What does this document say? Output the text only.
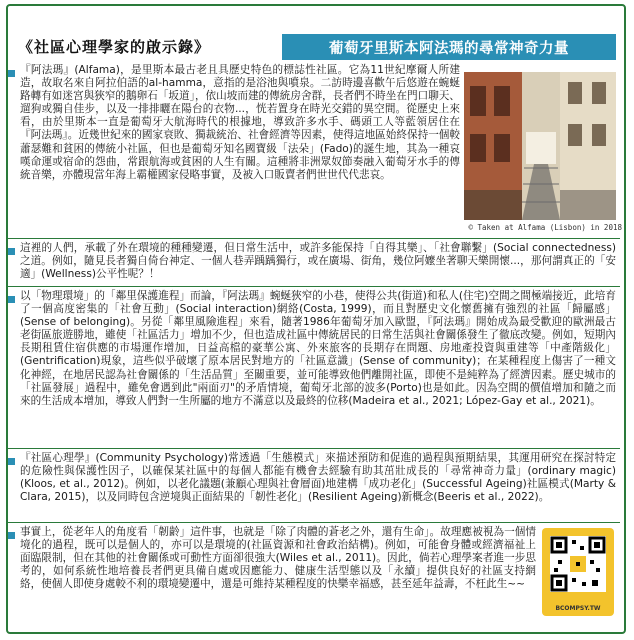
《社區心理學家的啟示錄》	葡萄牙里斯本阿法瑪的尋常神奇力量
© Taken at Alfama (Lisbon) in 2018
『阿法瑪』(Alfama)，是里斯本最古老且具歷史特色的標誌性社區。它為11世紀摩爾人所建造，故取名來自阿拉伯語的al-hamma，意指的是浴池與噴泉。二訪時邊喜歡午后悠遊在蜿蜒路轉有如迷宮與狹窄的鵝卵石「坂道」，依山坡而建的傳統房舍群，長者們不時坐在門口聊天、遛狗或獨自佳步，以及一排排曬在陽台的衣物...，恍若置身在時光交錯的異空間。從歷史上來看，由於里斯本一直是葡萄牙大航海時代的根據地，導致許多水手、碼頭工人等藍領居住在『阿法瑪』。近幾世紀來的國家衰敗、獨裁統治、社會經濟等因素，使得這地區始終保持一個較蕭瑟難和貧困的傳統小社區，但也是葡萄牙知名國寶級「法朵」(Fado)的誕生地，其為一種哀嘆命運或宿命的怨曲，常跟航海或貧困的人生有關。這種將非洲眾奴節奏融入葡萄牙水手的傳統音樂，亦體現當年海上霸權國家侵略事實，及被入口販賣者們世世代代悲哀。
這裡的人們，承載了外在環境的種種變遷，但日常生活中，或許多能保持「自得其樂」、「社會聯繫」(Social connectedness)之道。例如，隨見長者獨自倚台神定、一個人巷弄踽踽獨行，或在廣場、街角，幾位阿嬤坐著聊天樂開懷...，那何謂真正的「安適」(Wellness)公平性呢？！
以「物理環境」的「鄰里保護進程」而論，『阿法瑪』蜿蜒狹窄的小巷，使得公共(街道)和私人(住宅)空間之間極端接近，此培育了一個高度密集的「社會互動」(Social interaction)網絡(Costa, 1999)，而且對歷史文化懷舊擁有強烈的社區「歸屬感」(Sense of belonging)。另從「鄰里風險進程」來看，隨著1986年葡萄牙加入歐盟，『阿法瑪』開始成為最受歡迎的歐洲最古老街區旅遊勝地，雖使「社區活力」增加不少，但也造成社區中傳統居民的日常生活與社會關係發生了徹底改變。例如，短期內長期租賃住宿供應的市場運作增加，日益高檔的豪華公寓、外來旅客的長期存在問題、房地產投資與重建等「中產階級化」(Gentrification)現象，這些似乎破壞了原本居民對地方的「社區意識」(Sense of community)；在某種程度上傷害了一種文化神經，在地居民認為社會關係的「生活品質」至關重要，並可能導致他們離開社區，即使不是純粹為了經濟因素。歷史城市的「社區發展」過程中，雖免會遇到此"兩面刃"的矛盾情境，葡萄牙北部的波多(Porto)也是如此。因為空間的價值增加和隨之而來的生活成本增加，導致人們對一生所屬的地方不滿意以及最終的位移(Madeira et al., 2021; López-Gay et al., 2021)。
『社區心理學』(Community Psychology)常透過「生態模式」來描述預防和促進的過程與預期結果，其運用研究在探討特定的危險性與保護性因子，以確保某社區中的每個人都能有機會去經驗有助其茁壯成長的「尋常神奇力量」(ordinary magic)(Kloos, et al., 2012)。例如，以老化議題(兼顧心理與社會層面)地建構「成功老化」(Successful Ageing)社區模式(Marty & Clara, 2015)，以及同時包含逆境與正面結果的「韌性老化」(Resilient Ageing)新概念(Beeris et al., 2022)。
事實上，從老年人的角度看「韌齡」這件事，也就是「除了肉體的蒼老之外，還有生命」。故理應被視為一個情境化的過程，既可以是個人的，亦可以是環境的(社區資源和社會政治結構)。例如，可能會身體或經濟福祉上面臨限制，但在其他的社會關係或可動性方面卻很強大(Wiles et al., 2011)。因此，倘若心理學案者進一步思考的，如何系統性地培養長者們更具備自處或因應能力、健康生活型態以及「永續」提供良好的社區支持網絡，使個人即使身處較不利的環境變遷中，還是可維持某種程度的快樂幸福感，甚至延年益壽，不枉此生~~
BCOMPSY.TW
